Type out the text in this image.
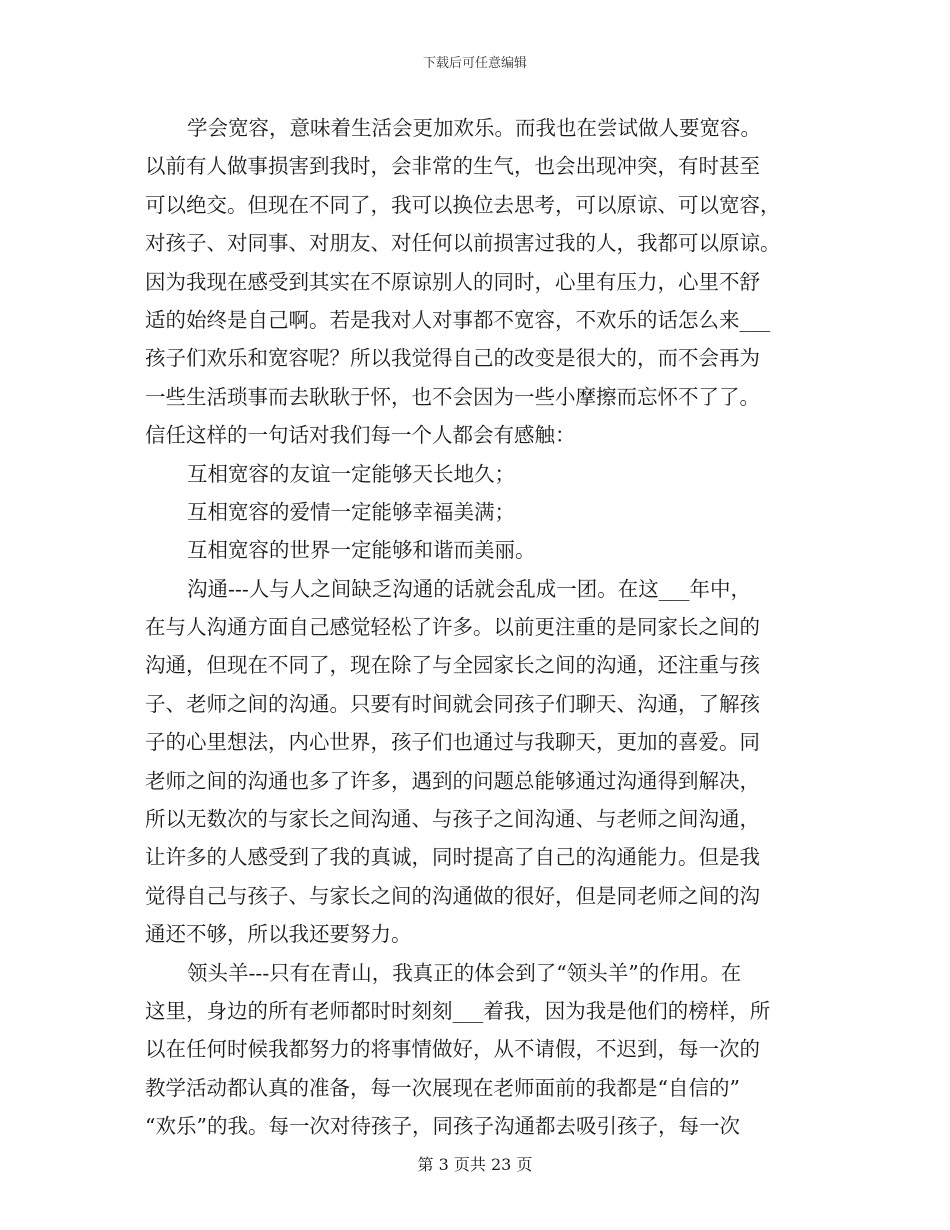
下载后可任意编辑
学会宽容，意味着生活会更加欢乐。而我也在尝试做人要宽容。
以前有人做事损害到我时，会非常的生气，也会出现冲突，有时甚至
可以绝交。但现在不同了，我可以换位去思考，可以原谅、可以宽容，
对孩子、对同事、对朋友、对任何以前损害过我的人，我都可以原谅。
因为我现在感受到其实在不原谅别人的同时，心里有压力，心里不舒
适的始终是自己啊。若是我对人对事都不宽容，不欢乐的话怎么来___
孩子们欢乐和宽容呢？所以我觉得自己的改变是很大的，而不会再为
一些生活琐事而去耿耿于怀，也不会因为一些小摩擦而忘怀不了了。
信任这样的一句话对我们每一个人都会有感触：
互相宽容的友谊一定能够天长地久；
互相宽容的爱情一定能够幸福美满；
互相宽容的世界一定能够和谐而美丽。
沟通---人与人之间缺乏沟通的话就会乱成一团。在这___年中，
在与人沟通方面自己感觉轻松了许多。以前更注重的是同家长之间的
沟通，但现在不同了，现在除了与全园家长之间的沟通，还注重与孩
子、老师之间的沟通。只要有时间就会同孩子们聊天、沟通，了解孩
子的心里想法，内心世界，孩子们也通过与我聊天，更加的喜爱。同
老师之间的沟通也多了许多，遇到的问题总能够通过沟通得到解决，
所以无数次的与家长之间沟通、与孩子之间沟通、与老师之间沟通，
让许多的人感受到了我的真诚，同时提高了自己的沟通能力。但是我
觉得自己与孩子、与家长之间的沟通做的很好，但是同老师之间的沟
通还不够，所以我还要努力。
领头羊---只有在青山，我真正的体会到了“领头羊”的作用。在
这里，身边的所有老师都时时刻刻___着我，因为我是他们的榜样，所
以在任何时候我都努力的将事情做好，从不请假，不迟到，每一次的
教学活动都认真的准备，每一次展现在老师面前的我都是“自信的”
“欢乐”的我。每一次对待孩子，同孩子沟通都去吸引孩子，每一次
第 3 页共 23 页
